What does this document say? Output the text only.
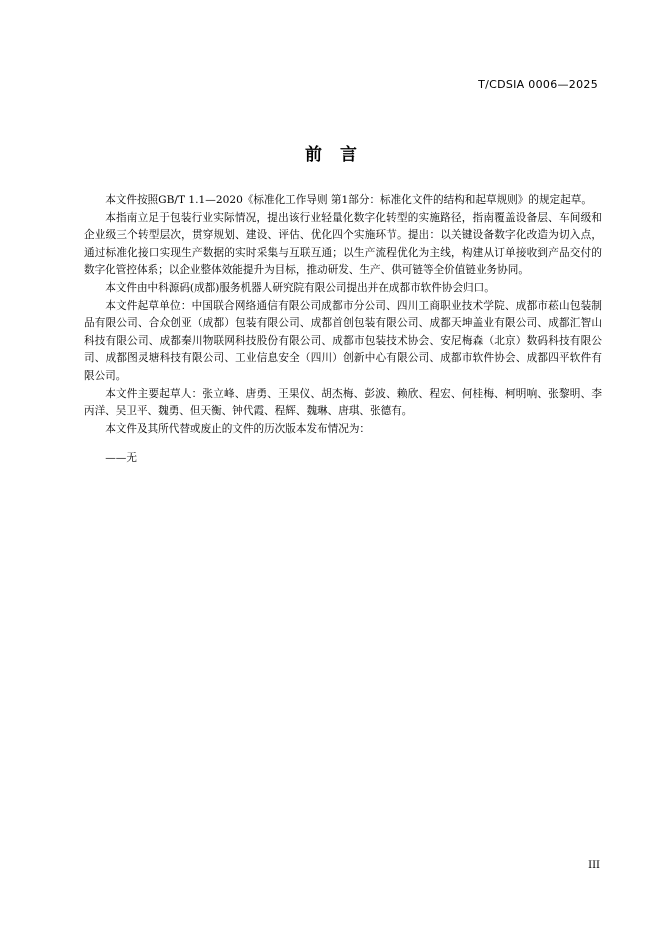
T/CDSIA 0006—2025
前言

本文件按照GB/T 1.1—2020《标准化工作导则 第1部分：标准化文件的结构和起草规则》的规定起草。

本指南立足于包装行业实际情况，提出该行业轻量化数字化转型的实施路径，指南覆盖设备层、车间级和企业级三个转型层次，贯穿规划、建设、评估、优化四个实施环节。提出：以关键设备数字化改造为切入点，通过标准化接口实现生产数据的实时采集与互联互通；以生产流程优化为主线，构建从订单接收到产品交付的数字化管控体系；以企业整体效能提升为目标，推动研发、生产、供可链等全价值链业务协同。

本文件由中科源码(成都)服务机器人研究院有限公司提出并在成都市软件协会归口。

本文件起草单位：中国联合网络通信有限公司成都市分公司、四川工商职业技术学院、成都市菘山包装制品有限公司、合众创亚（成都）包装有限公司、成都首创包装有限公司、成都天坤盖业有限公司、成都汇智山科技有限公司、成都秦川物联网科技股份有限公司、成都市包装技术协会、安尼梅森（北京）数码科技有限公司、成都图灵塘科技有限公司、工业信息安全（四川）创新中心有限公司、成都市软件协会、成都四平软件有限公司。

本文件主要起草人：张立峰、唐勇、王果仪、胡杰梅、彭波、赖欣、程宏、何桂梅、柯明响、张黎明、李丙洋、吴卫平、魏勇、但天衡、钟代霞、程辉、魏琳、唐琪、张德有。

本文件及其所代替或废止的文件的历次版本发布情况为：

——无

III
